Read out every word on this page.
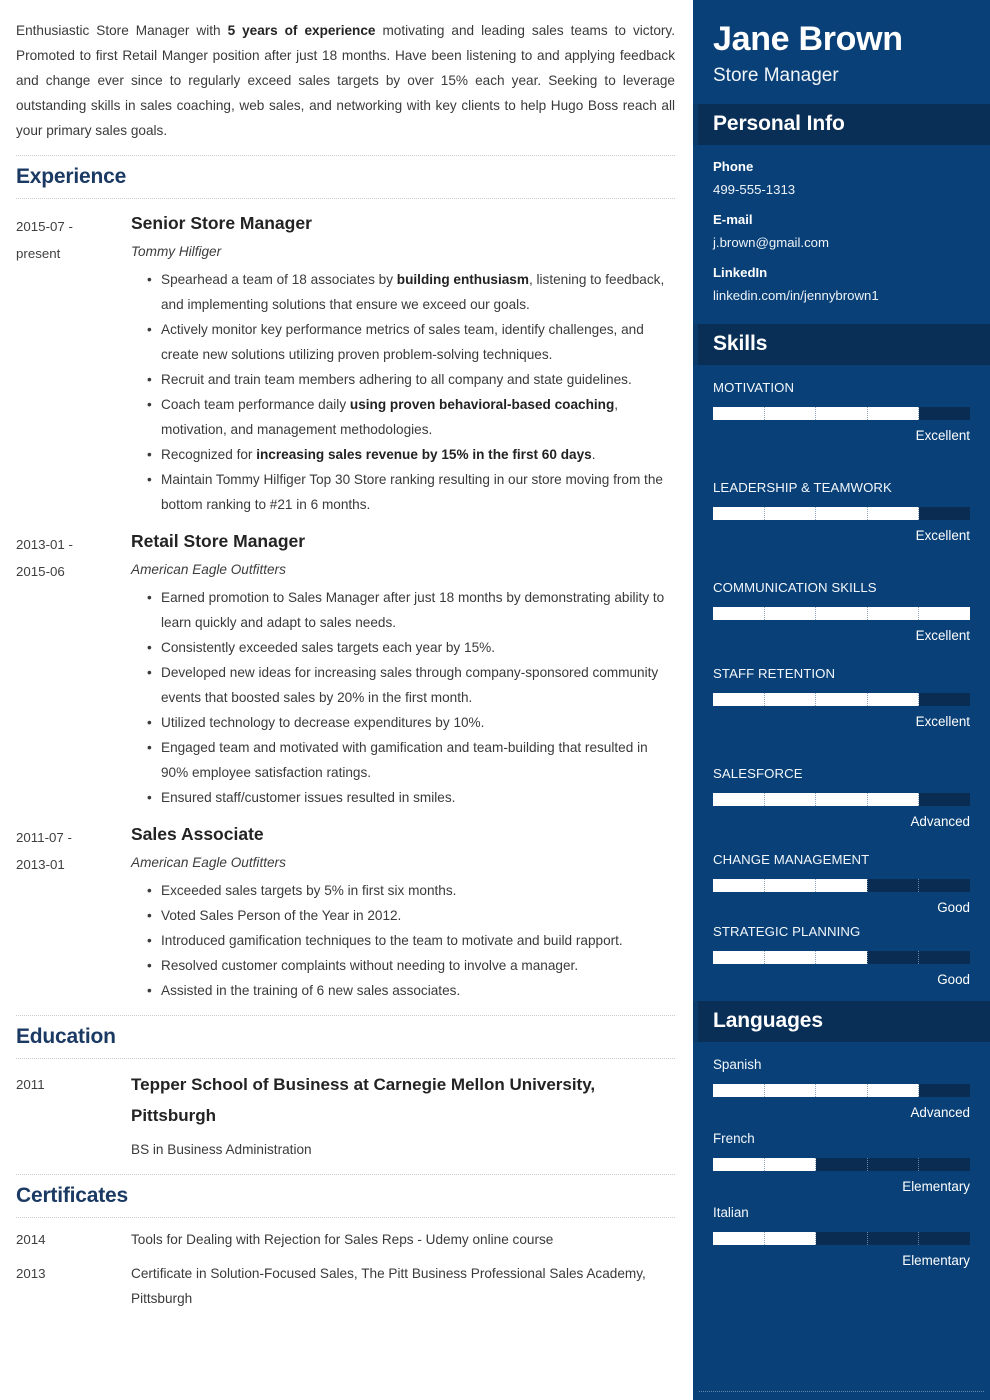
Enthusiastic Store Manager with 5 years of experience motivating and leading sales teams to victory. Promoted to first Retail Manger position after just 18 months. Have been listening to and applying feedback and change ever since to regularly exceed sales targets by over 15% each year. Seeking to leverage outstanding skills in sales coaching, web sales, and networking with key clients to help Hugo Boss reach all your primary sales goals.

Experience
2015-07 -
present
Senior Store Manager
Tommy Hilfiger
• Spearhead a team of 18 associates by building enthusiasm, listening to feedback, and implementing solutions that ensure we exceed our goals.
• Actively monitor key performance metrics of sales team, identify challenges, and create new solutions utilizing proven problem-solving techniques.
• Recruit and train team members adhering to all company and state guidelines.
• Coach team performance daily using proven behavioral-based coaching, motivation, and management methodologies.
• Recognized for increasing sales revenue by 15% in the first 60 days.
• Maintain Tommy Hilfiger Top 30 Store ranking resulting in our store moving from the bottom ranking to #21 in 6 months.
2013-01 -
2015-06
Retail Store Manager
American Eagle Outfitters
• Earned promotion to Sales Manager after just 18 months by demonstrating ability to learn quickly and adapt to sales needs.
• Consistently exceeded sales targets each year by 15%.
• Developed new ideas for increasing sales through company-sponsored community events that boosted sales by 20% in the first month.
• Utilized technology to decrease expenditures by 10%.
• Engaged team and motivated with gamification and team-building that resulted in 90% employee satisfaction ratings.
• Ensured staff/customer issues resulted in smiles.
2011-07 -
2013-01
Sales Associate
American Eagle Outfitters
• Exceeded sales targets by 5% in first six months.
• Voted Sales Person of the Year in 2012.
• Introduced gamification techniques to the team to motivate and build rapport.
• Resolved customer complaints without needing to involve a manager.
• Assisted in the training of 6 new sales associates.
Education
2011	Tepper School of Business at Carnegie Mellon University, Pittsburgh
BS in Business Administration
Certificates
2014	Tools for Dealing with Rejection for Sales Reps - Udemy online course
2013	Certificate in Solution-Focused Sales, The Pitt Business Professional Sales Academy, Pittsburgh
Jane Brown
Store Manager
Personal Info
Phone
499-555-1313
E-mail
j.brown@gmail.com
LinkedIn
linkedin.com/in/jennybrown1
Skills
MOTIVATION
Excellent
LEADERSHIP & TEAMWORK
Excellent
COMMUNICATION SKILLS
Excellent
STAFF RETENTION
Excellent
SALESFORCE
Advanced
CHANGE MANAGEMENT
Good
STRATEGIC PLANNING
Good
Languages
Spanish
Advanced
French
Elementary
Italian
Elementary
